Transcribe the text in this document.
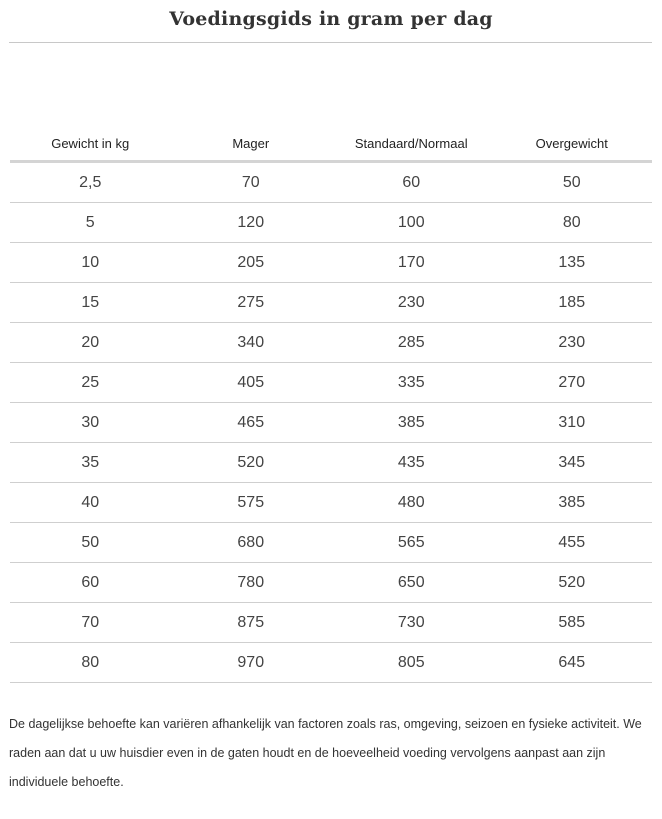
Voedingsgids in gram per dag
Gewicht in kg	Mager	Standaard/Normaal	Overgewicht
2,5	70	60	50
5	120	100	80
10	205	170	135
15	275	230	185
20	340	285	230
25	405	335	270
30	465	385	310
35	520	435	345
40	575	480	385
50	680	565	455
60	780	650	520
70	875	730	585
80	970	805	645
De dagelijkse behoefte kan variëren afhankelijk van factoren zoals ras, omgeving, seizoen en fysieke activiteit. We raden aan dat u uw huisdier even in de gaten houdt en de hoeveelheid voeding vervolgens aanpast aan zijn individuele behoefte.
